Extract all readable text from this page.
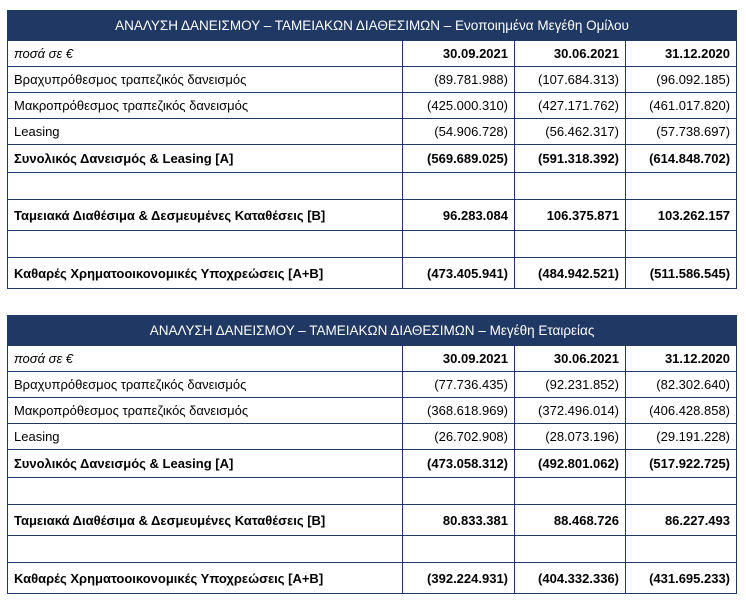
ΑΝΑΛΥΣΗ ΔΑΝΕΙΣΜΟΥ – ΤΑΜΕΙΑΚΩΝ ΔΙΑΘΕΣΙΜΩΝ – Ενοποιημένα Μεγέθη Ομίλου			
ποσά σε €	30.09.2021	30.06.2021	31.12.2020
Βραχυπρόθεσμος τραπεζικός δανεισμός	(89.781.988)	(107.684.313)	(96.092.185)
Μακροπρόθεσμος τραπεζικός δανεισμός	(425.000.310)	(427.171.762)	(461.017.820)
Leasing	(54.906.728)	(56.462.317)	(57.738.697)
Συνολικός Δανεισμός & Leasing [A]	(569.689.025)	(591.318.392)	(614.848.702)

Ταμειακά Διαθέσιμα & Δεσμευμένες Καταθέσεις [B]	96.283.084	106.375.871	103.262.157

Καθαρές Χρηματοοικονομικές Υποχρεώσεις [A+B]	(473.405.941)	(484.942.521)	(511.586.545)
ΑΝΑΛΥΣΗ ΔΑΝΕΙΣΜΟΥ – ΤΑΜΕΙΑΚΩΝ ΔΙΑΘΕΣΙΜΩΝ – Μεγέθη Εταιρείας			
ποσά σε €	30.09.2021	30.06.2021	31.12.2020
Βραχυπρόθεσμος τραπεζικός δανεισμός	(77.736.435)	(92.231.852)	(82.302.640)
Μακροπρόθεσμος τραπεζικός δανεισμός	(368.618.969)	(372.496.014)	(406.428.858)
Leasing	(26.702.908)	(28.073.196)	(29.191.228)
Συνολικός Δανεισμός & Leasing [A]	(473.058.312)	(492.801.062)	(517.922.725)

Ταμειακά Διαθέσιμα & Δεσμευμένες Καταθέσεις [B]	80.833.381	88.468.726	86.227.493

Καθαρές Χρηματοοικονομικές Υποχρεώσεις [A+B]	(392.224.931)	(404.332.336)	(431.695.233)
